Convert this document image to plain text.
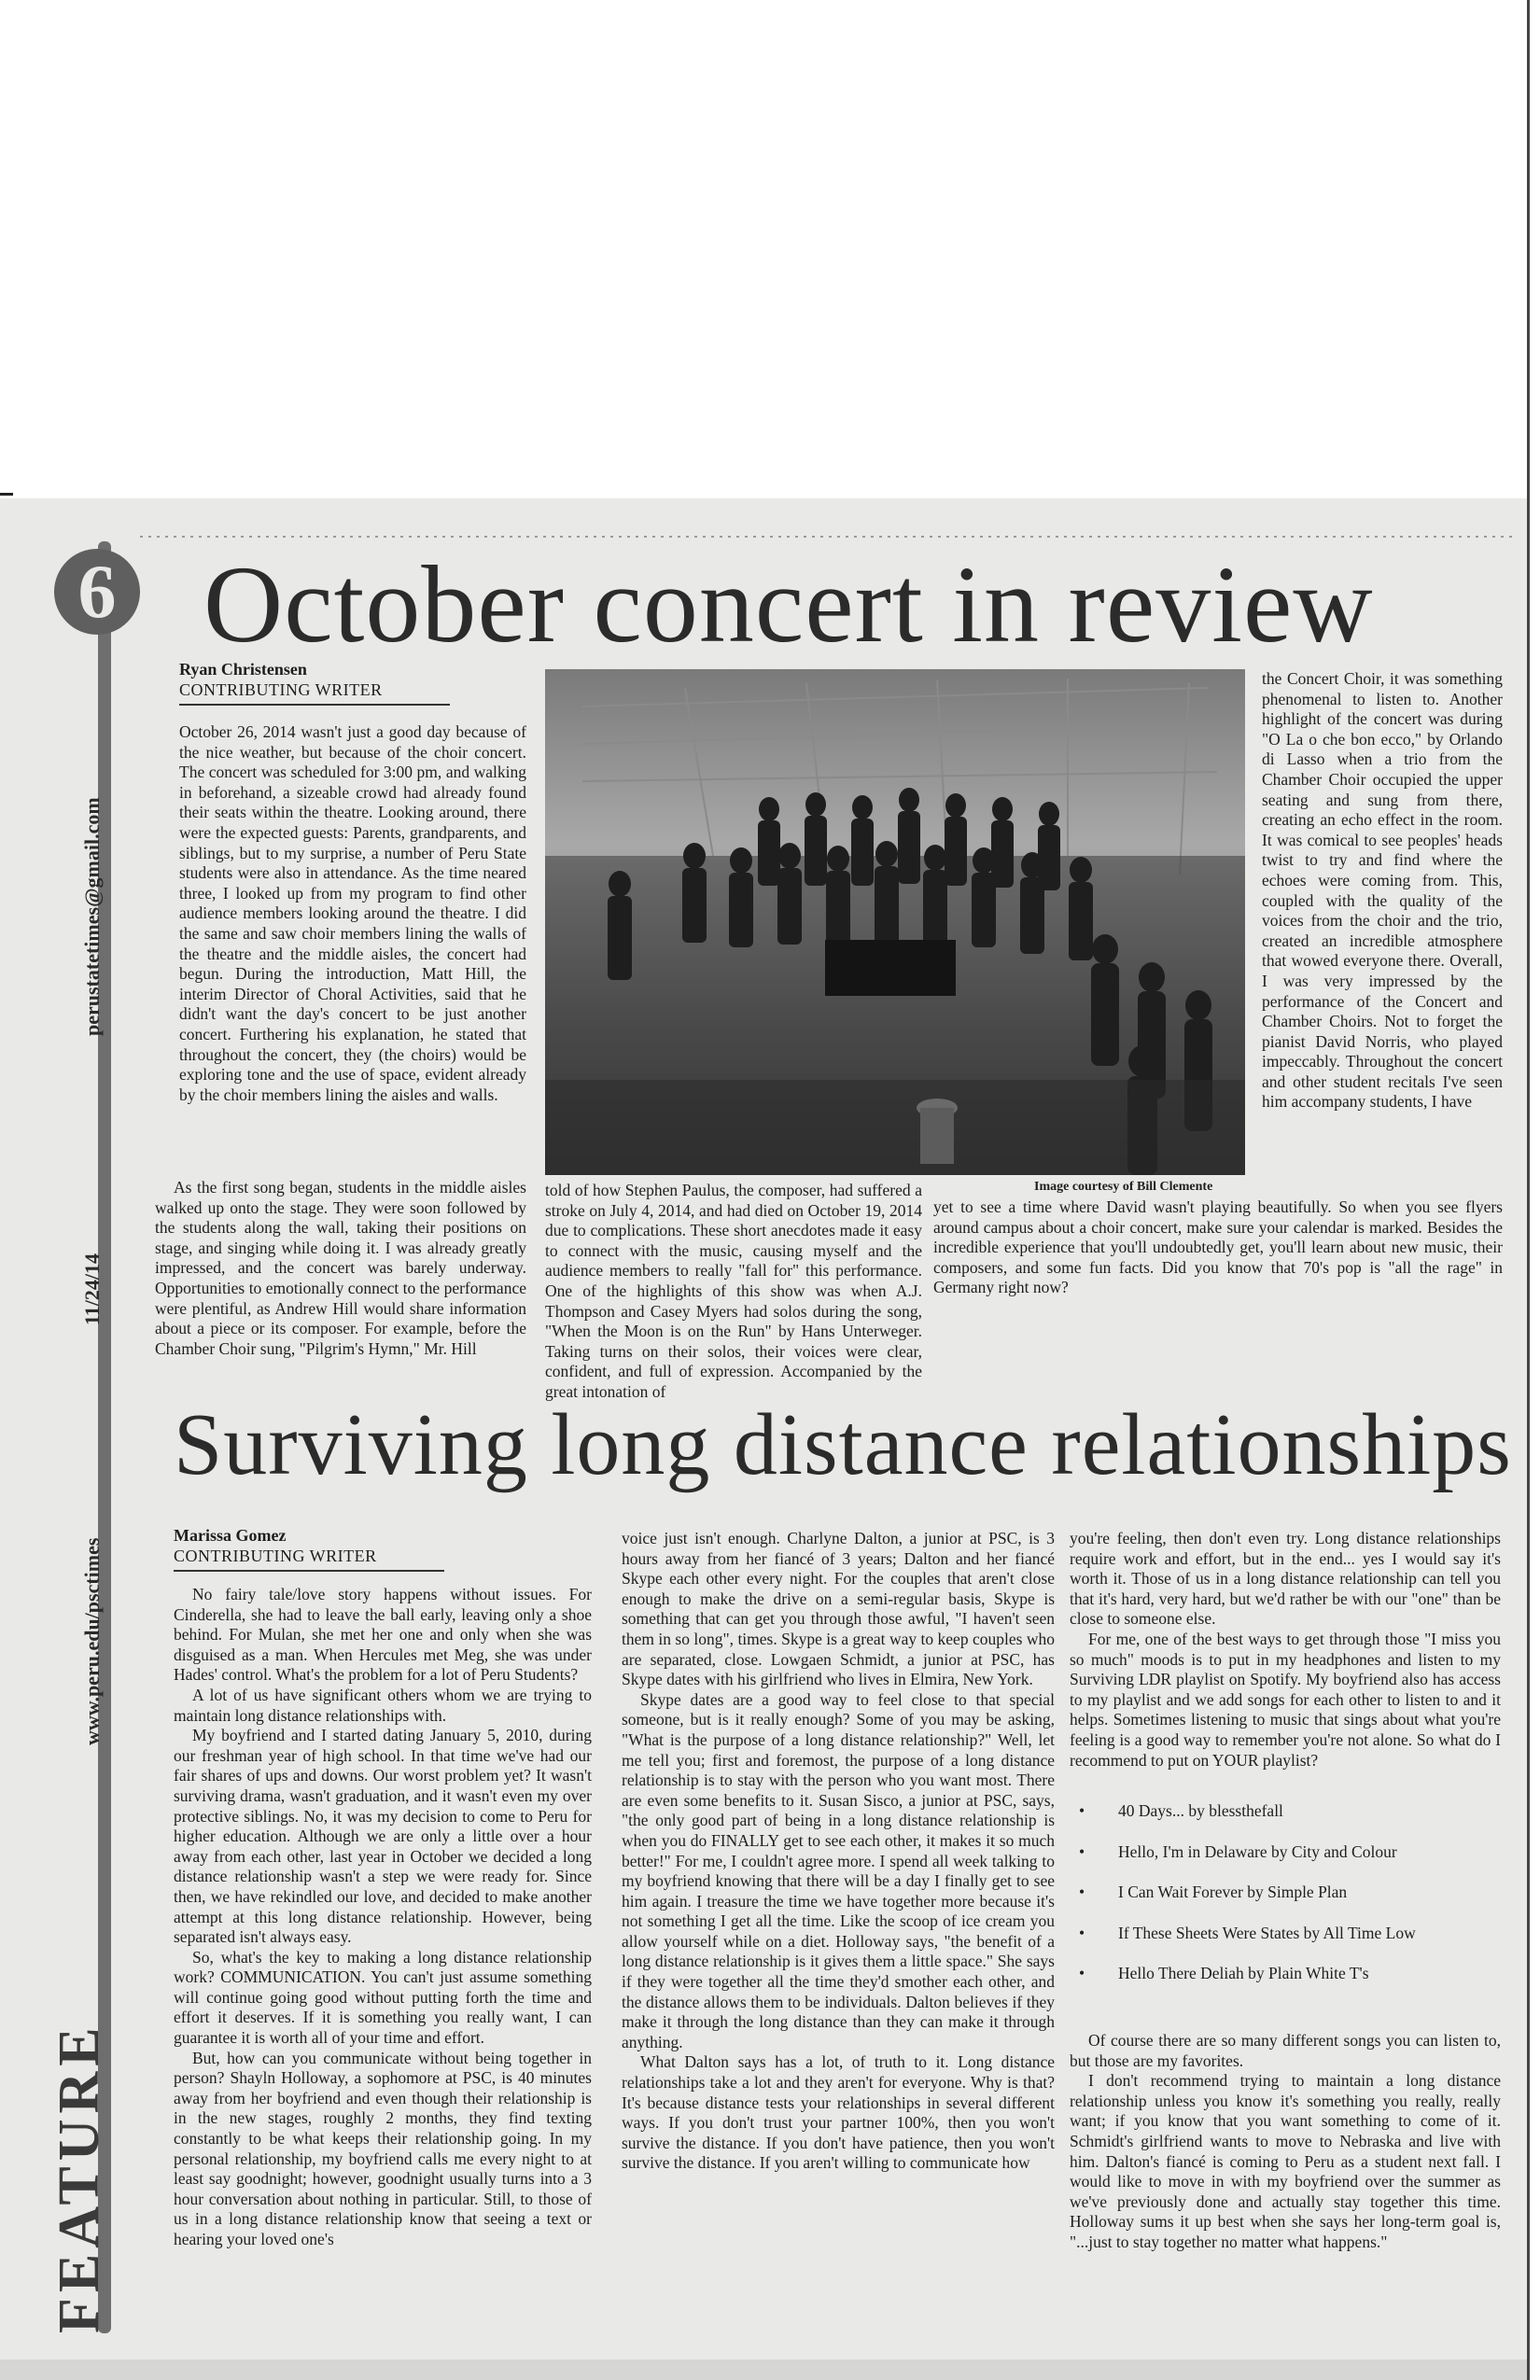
6
perustatetimes@gmail.com
11/24/14
www.peru.edu/psctimes
FEATURE
October concert in review
Ryan Christensen
CONTRIBUTING WRITER

October 26, 2014 wasn't just a good day because of the nice weather, but because of the choir concert. The concert was scheduled for 3:00 pm, and walking in beforehand, a sizeable crowd had already found their seats within the theatre. Looking around, there were the expected guests: Parents, grandparents, and siblings, but to my surprise, a number of Peru State students were also in attendance. As the time neared three, I looked up from my program to find other audience members looking around the theatre. I did the same and saw choir members lining the walls of the theatre and the middle aisles, the concert had begun. During the introduction, Matt Hill, the interim Director of Choral Activities, said that he didn't want the day's concert to be just another concert. Furthering his explanation, he stated that throughout the concert, they (the choirs) would be exploring tone and the use of space, evident already by the choir members lining the aisles and walls.

As the first song began, students in the middle aisles walked up onto the stage. They were soon followed by the students along the wall, taking their positions on stage, and singing while doing it. I was already greatly impressed, and the concert was barely underway. Opportunities to emotionally connect to the performance were plentiful, as Andrew Hill would share information about a piece or its composer. For example, before the Chamber Choir sung, "Pilgrim's Hymn," Mr. Hill

Image courtesy of Bill Clemente

told of how Stephen Paulus, the composer, had suffered a stroke on July 4, 2014, and had died on October 19, 2014 due to complications. These short anecdotes made it easy to connect with the music, causing myself and the audience members to really "fall for" this performance. One of the highlights of this show was when A.J. Thompson and Casey Myers had solos during the song, "When the Moon is on the Run" by Hans Unterweger. Taking turns on their solos, their voices were clear, confident, and full of expression. Accompanied by the great intonation of

the Concert Choir, it was something phenomenal to listen to. Another highlight of the concert was during "O La o che bon ecco," by Orlando di Lasso when a trio from the Chamber Choir occupied the upper seating and sung from there, creating an echo effect in the room. It was comical to see peoples' heads twist to try and find where the echoes were coming from. This, coupled with the quality of the voices from the choir and the trio, created an incredible atmosphere that wowed everyone there. Overall, I was very impressed by the performance of the Concert and Chamber Choirs. Not to forget the pianist David Norris, who played impeccably. Throughout the concert and other student recitals I've seen him accompany students, I have

yet to see a time where David wasn't playing beautifully. So when you see flyers around campus about a choir concert, make sure your calendar is marked. Besides the incredible experience that you'll undoubtedly get, you'll learn about new music, their composers, and some fun facts. Did you know that 70's pop is "all the rage" in Germany right now?

Surviving long distance relationships
Marissa Gomez
CONTRIBUTING WRITER

No fairy tale/love story happens without issues. For Cinderella, she had to leave the ball early, leaving only a shoe behind. For Mulan, she met her one and only when she was disguised as a man. When Hercules met Meg, she was under Hades' control. What's the problem for a lot of Peru Students?

A lot of us have significant others whom we are trying to maintain long distance relationships with.

My boyfriend and I started dating January 5, 2010, during our freshman year of high school. In that time we've had our fair shares of ups and downs. Our worst problem yet? It wasn't surviving drama, wasn't graduation, and it wasn't even my over protective siblings. No, it was my decision to come to Peru for higher education. Although we are only a little over a hour away from each other, last year in October we decided a long distance relationship wasn't a step we were ready for. Since then, we have rekindled our love, and decided to make another attempt at this long distance relationship. However, being separated isn't always easy.

So, what's the key to making a long distance relationship work? COMMUNICATION. You can't just assume something will continue going good without putting forth the time and effort it deserves. If it is something you really want, I can guarantee it is worth all of your time and effort.

But, how can you communicate without being together in person? Shayln Holloway, a sophomore at PSC, is 40 minutes away from her boyfriend and even though their relationship is in the new stages, roughly 2 months, they find texting constantly to be what keeps their relationship going. In my personal relationship, my boyfriend calls me every night to at least say goodnight; however, goodnight usually turns into a 3 hour conversation about nothing in particular. Still, to those of us in a long distance relationship know that seeing a text or hearing your loved one's

voice just isn't enough. Charlyne Dalton, a junior at PSC, is 3 hours away from her fiancé of 3 years; Dalton and her fiancé Skype each other every night. For the couples that aren't close enough to make the drive on a semi-regular basis, Skype is something that can get you through those awful, "I haven't seen them in so long", times. Skype is a great way to keep couples who are separated, close. Lowgaen Schmidt, a junior at PSC, has Skype dates with his girlfriend who lives in Elmira, New York.

Skype dates are a good way to feel close to that special someone, but is it really enough? Some of you may be asking, "What is the purpose of a long distance relationship?" Well, let me tell you; first and foremost, the purpose of a long distance relationship is to stay with the person who you want most. There are even some benefits to it. Susan Sisco, a junior at PSC, says, "the only good part of being in a long distance relationship is when you do FINALLY get to see each other, it makes it so much better!" For me, I couldn't agree more. I spend all week talking to my boyfriend knowing that there will be a day I finally get to see him again. I treasure the time we have together more because it's not something I get all the time. Like the scoop of ice cream you allow yourself while on a diet. Holloway says, "the benefit of a long distance relationship is it gives them a little space." She says if they were together all the time they'd smother each other, and the distance allows them to be individuals. Dalton believes if they make it through the long distance than they can make it through anything.

What Dalton says has a lot, of truth to it. Long distance relationships take a lot and they aren't for everyone. Why is that? It's because distance tests your relationships in several different ways. If you don't trust your partner 100%, then you won't survive the distance. If you don't have patience, then you won't survive the distance. If you aren't willing to communicate how

you're feeling, then don't even try. Long distance relationships require work and effort, but in the end... yes I would say it's worth it. Those of us in a long distance relationship can tell you that it's hard, very hard, but we'd rather be with our "one" than be close to someone else.

For me, one of the best ways to get through those "I miss you so much" moods is to put in my headphones and listen to my Surviving LDR playlist on Spotify. My boyfriend also has access to my playlist and we add songs for each other to listen to and it helps. Sometimes listening to music that sings about what you're feeling is a good way to remember you're not alone. So what do I recommend to put on YOUR playlist?

• 40 Days... by blessthefall
• Hello, I'm in Delaware by City and Colour
• I Can Wait Forever by Simple Plan
• If These Sheets Were States by All Time Low
• Hello There Deliah by Plain White T's

Of course there are so many different songs you can listen to, but those are my favorites.

I don't recommend trying to maintain a long distance relationship unless you know it's something you really, really want; if you know that you want something to come of it. Schmidt's girlfriend wants to move to Nebraska and live with him. Dalton's fiancé is coming to Peru as a student next fall. I would like to move in with my boyfriend over the summer as we've previously done and actually stay together this time. Holloway sums it up best when she says her long-term goal is, "...just to stay together no matter what happens."
